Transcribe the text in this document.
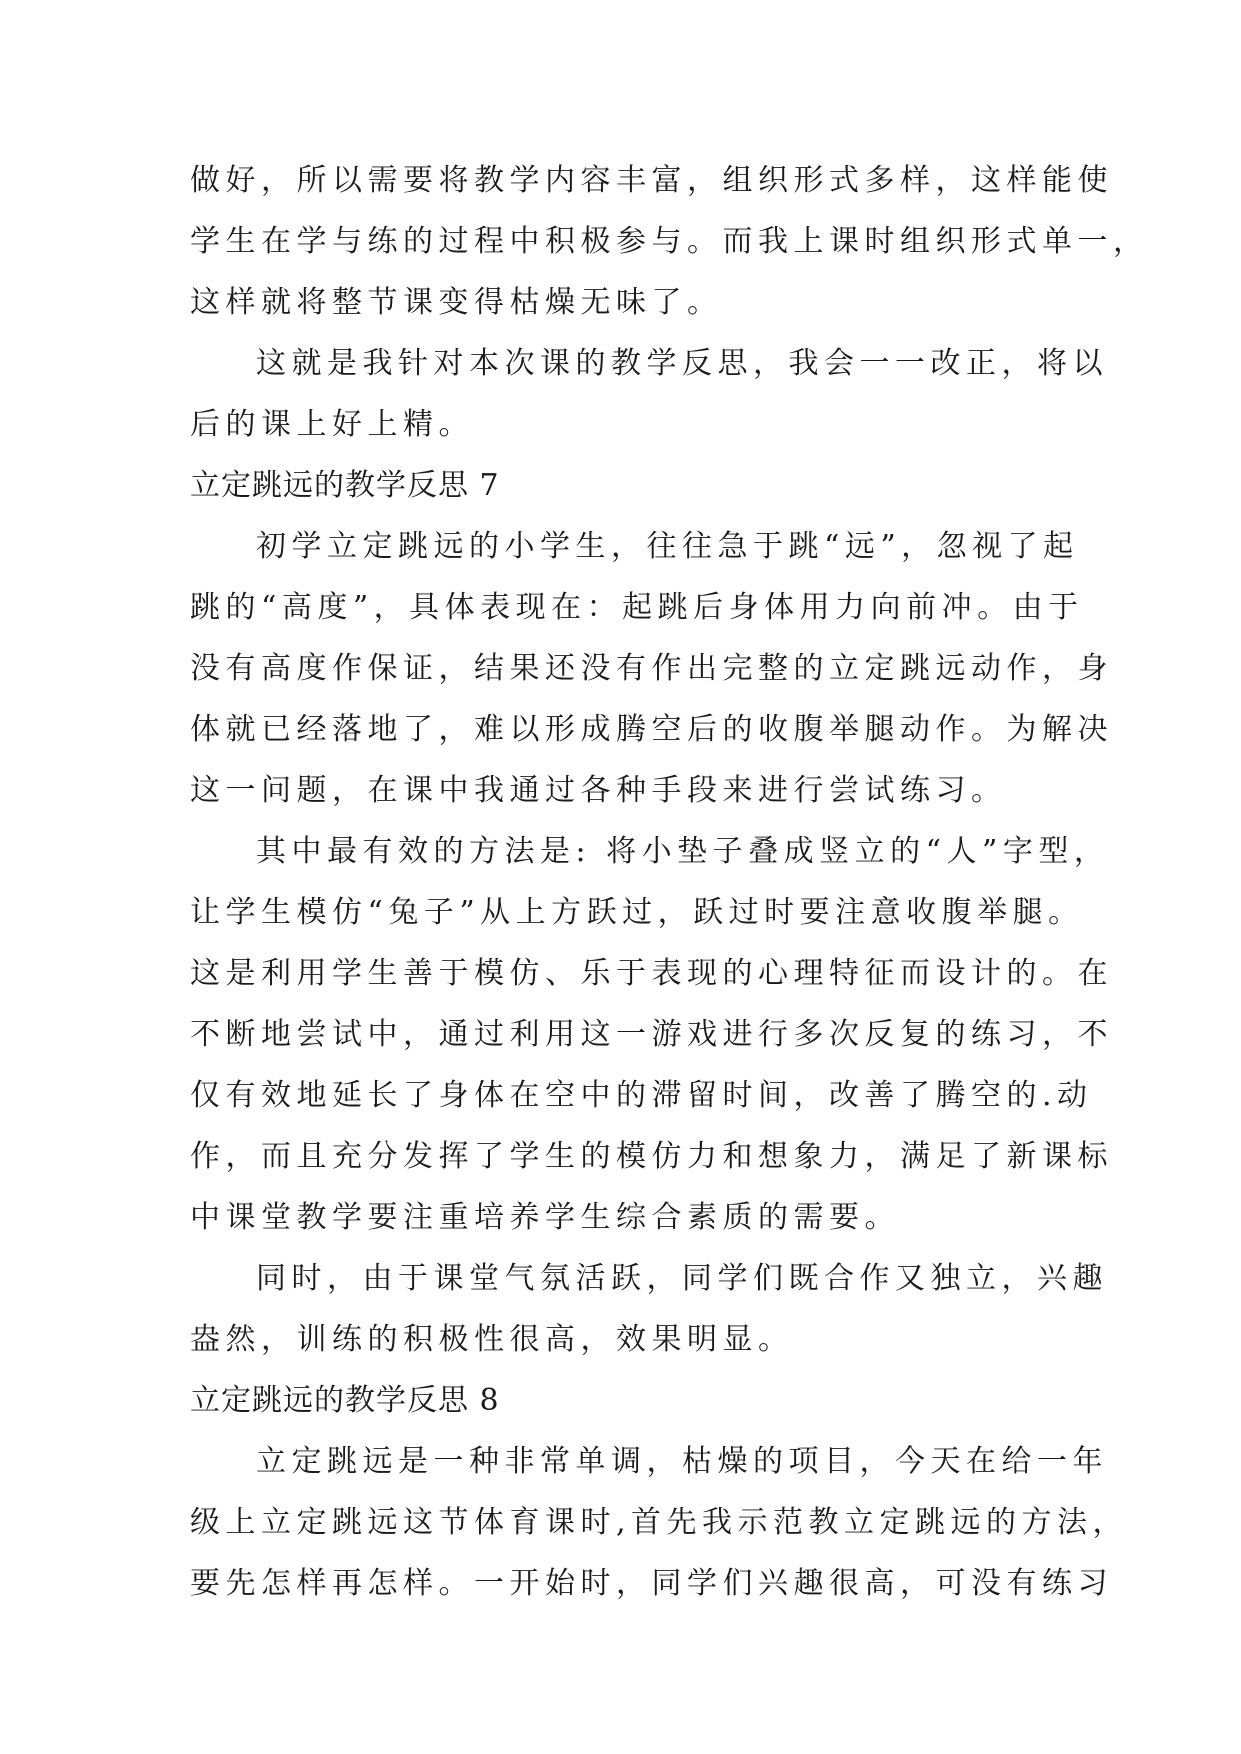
做好，所以需要将教学内容丰富，组织形式多样，这样能使
学生在学与练的过程中积极参与。而我上课时组织形式单一，
这样就将整节课变得枯燥无味了。
这就是我针对本次课的教学反思，我会一一改正，将以
后的课上好上精。
立定跳远的教学反思 7
初学立定跳远的小学生，往往急于跳“远”，忽视了起
跳的“高度”，具体表现在：起跳后身体用力向前冲。由于
没有高度作保证，结果还没有作出完整的立定跳远动作，身
体就已经落地了，难以形成腾空后的收腹举腿动作。为解决
这一问题，在课中我通过各种手段来进行尝试练习。
其中最有效的方法是: 将小垫子叠成竖立的“人”字型，
让学生模仿“兔子”从上方跃过，跃过时要注意收腹举腿。
这是利用学生善于模仿、乐于表现的心理特征而设计的。在
不断地尝试中，通过利用这一游戏进行多次反复的练习，不
仅有效地延长了身体在空中的滞留时间，改善了腾空的.动
作，而且充分发挥了学生的模仿力和想象力，满足了新课标
中课堂教学要注重培养学生综合素质的需要。
同时，由于课堂气氛活跃，同学们既合作又独立，兴趣
盎然，训练的积极性很高，效果明显。
立定跳远的教学反思 8
立定跳远是一种非常单调，枯燥的项目，今天在给一年
级上立定跳远这节体育课时,首先我示范教立定跳远的方法，
要先怎样再怎样。一开始时，同学们兴趣很高，可没有练习
